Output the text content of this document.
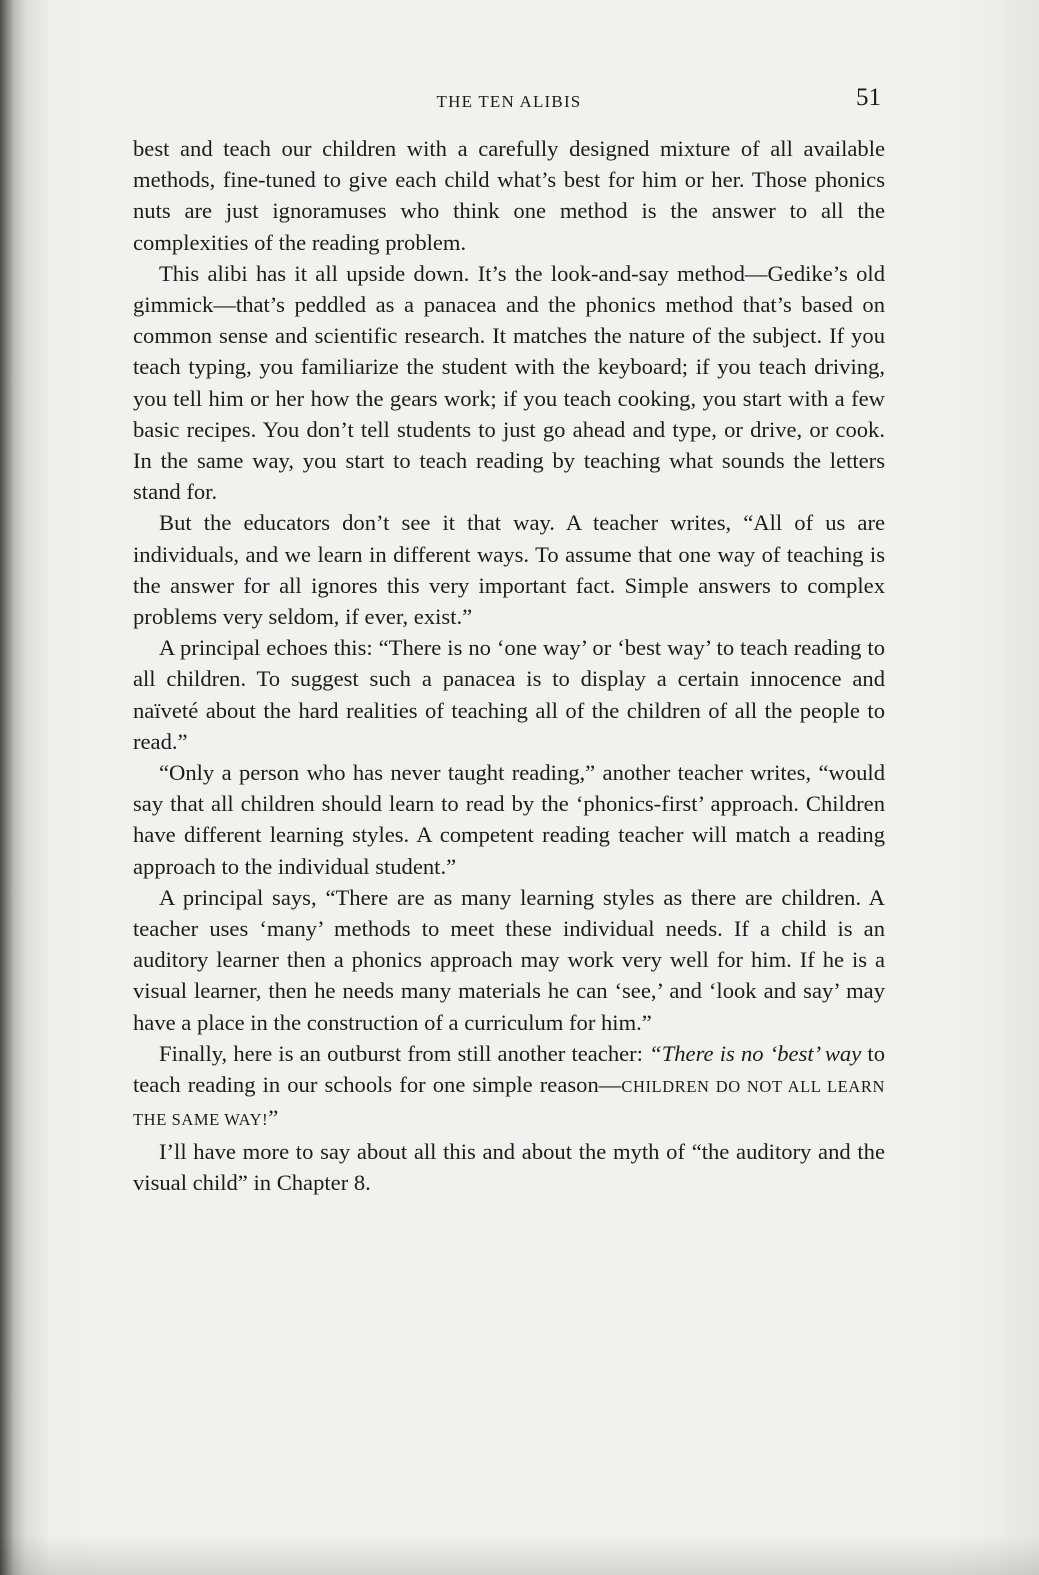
THE TEN ALIBIS	51

best and teach our children with a carefully designed mixture of all available methods, fine-tuned to give each child what’s best for him or her. Those phonics nuts are just ignoramuses who think one method is the answer to all the complexities of the reading problem.

This alibi has it all upside down. It’s the look-and-say method—Gedike’s old gimmick—that’s peddled as a panacea and the phonics method that’s based on common sense and scientific research. It matches the nature of the subject. If you teach typing, you familiarize the student with the keyboard; if you teach driving, you tell him or her how the gears work; if you teach cooking, you start with a few basic recipes. You don’t tell students to just go ahead and type, or drive, or cook. In the same way, you start to teach reading by teaching what sounds the letters stand for.

But the educators don’t see it that way. A teacher writes, “All of us are individuals, and we learn in different ways. To assume that one way of teaching is the answer for all ignores this very important fact. Simple answers to complex problems very seldom, if ever, exist.”

A principal echoes this: “There is no ‘one way’ or ‘best way’ to teach reading to all children. To suggest such a panacea is to display a certain innocence and naïveté about the hard realities of teaching all of the children of all the people to read.”

“Only a person who has never taught reading,” another teacher writes, “would say that all children should learn to read by the ‘phonics-first’ approach. Children have different learning styles. A competent reading teacher will match a reading approach to the individual student.”

A principal says, “There are as many learning styles as there are children. A teacher uses ‘many’ methods to meet these individual needs. If a child is an auditory learner then a phonics approach may work very well for him. If he is a visual learner, then he needs many materials he can ‘see,’ and ‘look and say’ may have a place in the construction of a curriculum for him.”

Finally, here is an outburst from still another teacher: “There is no ‘best’ way to teach reading in our schools for one simple reason—CHILDREN DO NOT ALL LEARN THE SAME WAY!”

I’ll have more to say about all this and about the myth of “the auditory and the visual child” in Chapter 8.
